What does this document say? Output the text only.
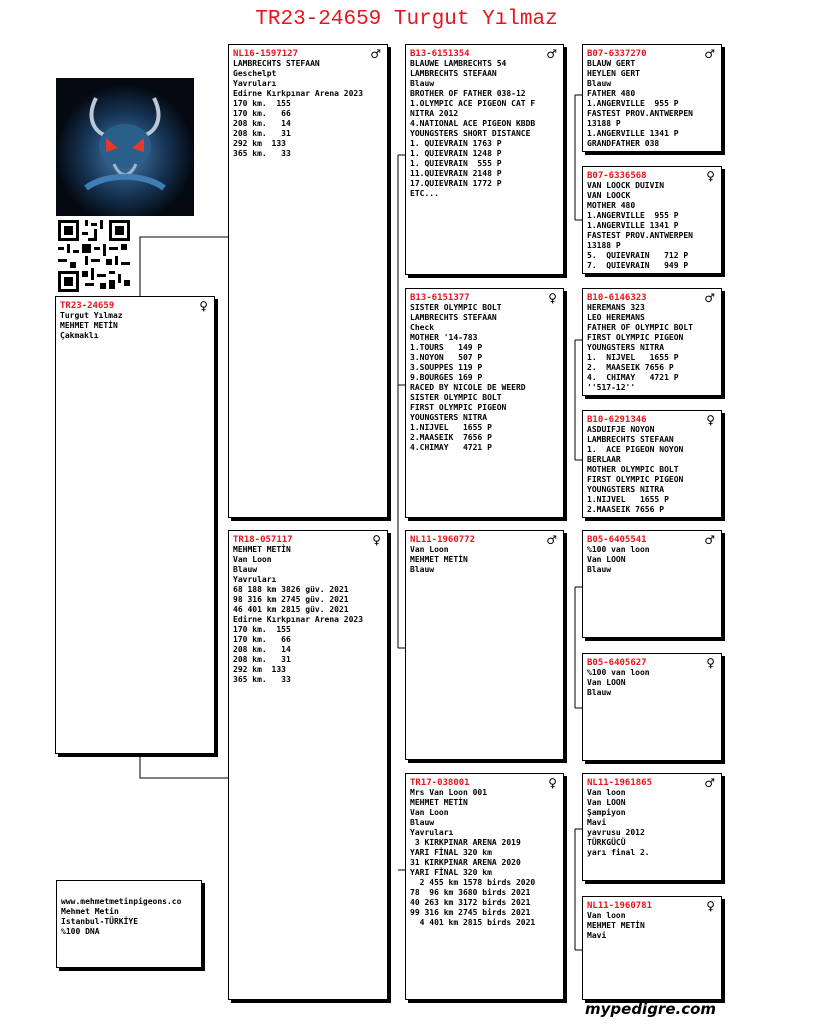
TR23-24659 Turgut Yılmaz
♀
TR23-24659
Turgut Yılmaz
MEHMET METİN
Çakmaklı
♂
NL16-1597127
LAMBRECHTS STEFAAN
Geschelpt
Yavruları
Edirne Kırkpınar Arena 2023
170 km.  155
170 km.   66
208 km.   14
208 km.   31
292 km  133
365 km.   33
♀
TR18-057117
MEHMET METİN
Van Loon
Blauw
Yavruları
68 188 km 3826 güv. 2021
98 316 km 2745 güv. 2021
46 401 km 2815 güv. 2021
Edirne Kırkpınar Arena 2023
170 km.  155
170 km.   66
208 km.   14
208 km.   31
292 km  133
365 km.   33
♂
B13-6151354
BLAUWE LAMBRECHTS 54
LAMBRECHTS STEFAAN
Blauw
BROTHER OF FATHER 038-12
1.OLYMPIC ACE PIGEON CAT F
NITRA 2012
4.NATIONAL ACE PIGEON KBDB
YOUNGSTERS SHORT DISTANCE
1. QUIEVRAIN 1763 P
1. QUIEVRAIN 1248 P
1. QUIEVRAIN  555 P
11.QUIEVRAIN 2148 P
17.QUIEVRAIN 1772 P
ETC...
♀
B13-6151377
SISTER OLYMPIC BOLT
LAMBRECHTS STEFAAN
Check
MOTHER '14-783
1.TOURS   149 P
3.NOYON   507 P
3.SOUPPES 119 P
9.BOURGES 169 P
RACED BY NICOLE DE WEERD
SISTER OLYMPIC BOLT
FIRST OLYMPIC PIGEON
YOUNGSTERS NITRA
1.NIJVEL   1655 P
2.MAASEIK  7656 P
4.CHIMAY   4721 P
♂
NL11-1960772
Van Loon
MEHMET METİN
Blauw
♀
TR17-038001
Mrs Van Loon 001
MEHMET METİN
Van Loon
Blauw
Yavruları
3 KIRKPINAR ARENA 2019
YARI FİNAL 320 km
31 KIRKPINAR ARENA 2020
YARI FİNAL 320 km
2 455 km 1578 birds 2020
78  96 km 3680 birds 2021
40 263 km 3172 birds 2021
99 316 km 2745 birds 2021
4 401 km 2815 birds 2021
♂
B07-6337270
BLAUW GERT
HEYLEN GERT
Blauw
FATHER 480
1.ANGERVILLE  955 P
FASTEST PROV.ANTWERPEN
13188 P
1.ANGERVILLE 1341 P
GRANDFATHER 038
♀
B07-6336568
VAN LOOCK DUIVIN
VAN LOOCK
MOTHER 480
1.ANGERVILLE  955 P
1.ANGERVILLE 1341 P
FASTEST PROV.ANTWERPEN
13188 P
5.  QUIEVRAIN   712 P
7.  QUIEVRAIN   949 P
♂
B10-6146323
HEREMANS 323
LEO HEREMANS
FATHER OF OLYMPIC BOLT
FIRST OLYMPIC PIGEON
YOUNGSTERS NITRA
1.  NIJVEL   1655 P
2.  MAASEIK 7656 P
4.  CHIMAY   4721 P
''517-12''
♀
B10-6291346
ASDUIFJE NOYON
LAMBRECHTS STEFAAN
1.  ACE PIGEON NOYON
BERLAAR
MOTHER OLYMPIC BOLT
FIRST OLYMPIC PIGEON
YOUNGSTERS NITRA
1.NIJVEL   1655 P
2.MAASEIK 7656 P
♂
B05-6405541
%100 van loon
Van LOON
Blauw
♀
B05-6405627
%100 van loon
Van LOON
Blauw
♂
NL11-1961865
Van loon
Van LOON
Şampiyon
Mavi
yavrusu 2012
TÜRKGÜCÜ
yarı final 2.
♀
NL11-1960781
Van loon
MEHMET METİN
Mavi
www.mehmetmetinpigeons.co
Mehmet Metin
Istanbul-TÜRKİYE
%100 DNA
mypedigre.com
